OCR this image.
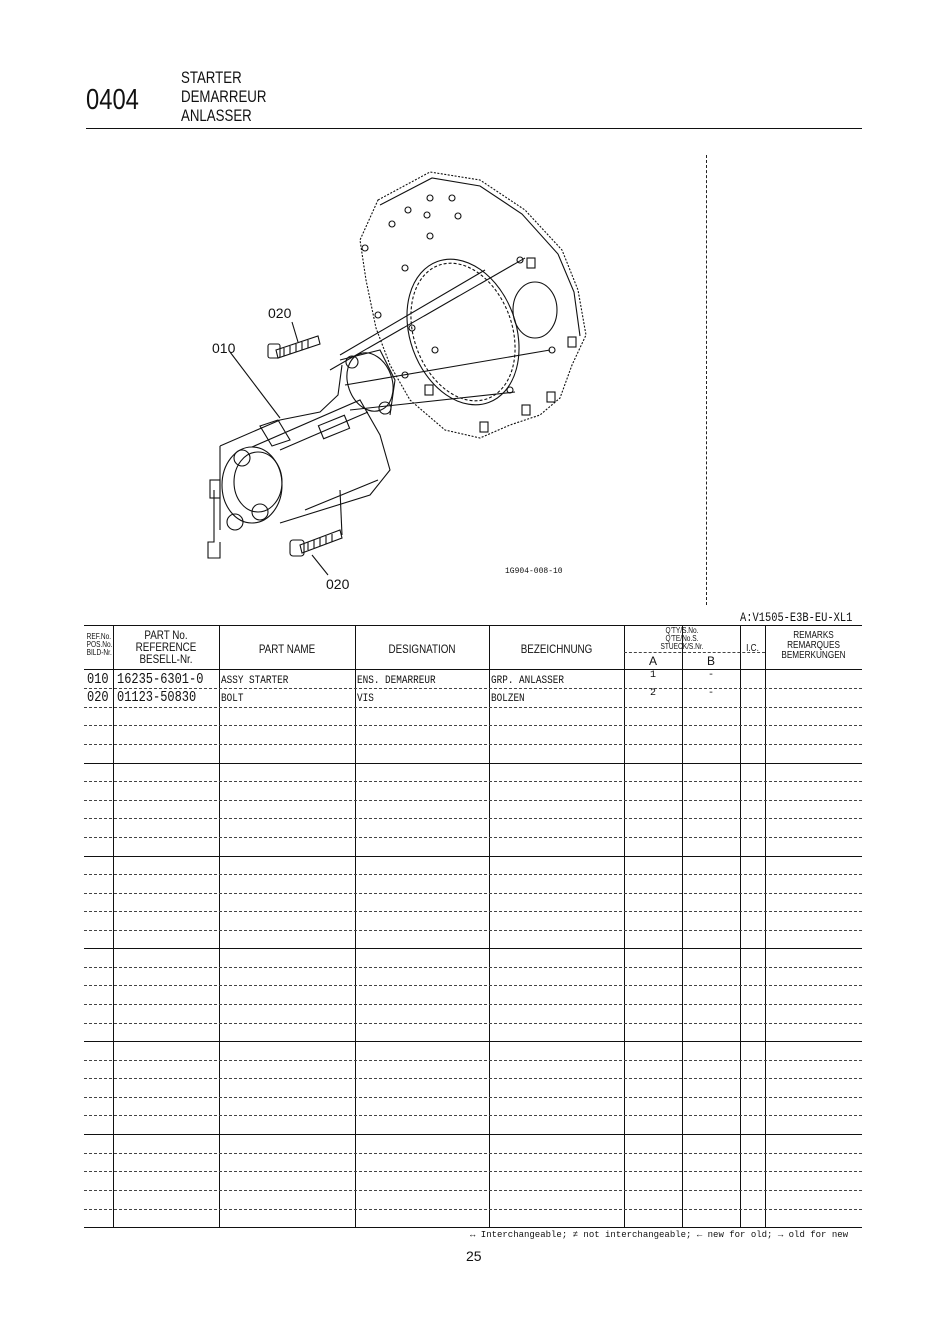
0404
STARTER
DEMARREUR
ANLASSER
020
010
020
1G904-008-10
A:V1505-E3B-EU-XL1
REF.No.
POS.No.
BILD-Nr.
PART No.
REFERENCE
BESELL-Nr.
PART NAME	DESIGNATION	BEZEICHNUNG
Q'TY/S.No.
Q'TE/No.S.
STUECK/S.Nr.
A	B
I.C.
REMARKS
REMARQUES
BEMERKUNGEN
010 16235-6301-0 ASSY STARTER	ENS. DEMARREUR	GRP. ANLASSER	1	-
020 01123-50830 BOLT	VIS	BOLZEN	2	-
↔ Interchangeable; ≠ not interchangeable; ← new for old; → old for new
25
